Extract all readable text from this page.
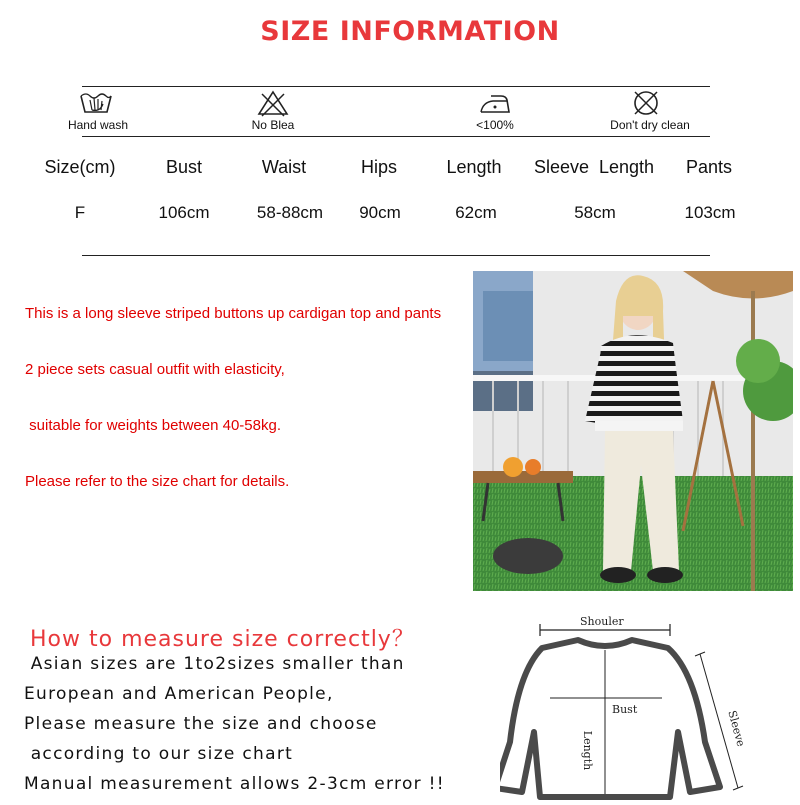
SIZE INFORMATION
Hand wash	No Blea	<100%	Don't dry clean
Size(cm)	Bust	Waist	Hips	Length	Sleeve  Length	Pants
F	106cm	58-88cm	90cm	62cm	58cm	103cm
This is a long sleeve striped buttons up cardigan top and pants
2 piece sets casual outfit with elasticity,
suitable for weights between 40-58kg.
Please refer to the size chart for details.
How to measure size correctly？
Asian sizes are 1to2sizes smaller than
European and American People,
Please measure the size and choose
according to our size chart
Manual measurement allows 2-3cm error !!
Shouler
Bust
Length
Sleeve
